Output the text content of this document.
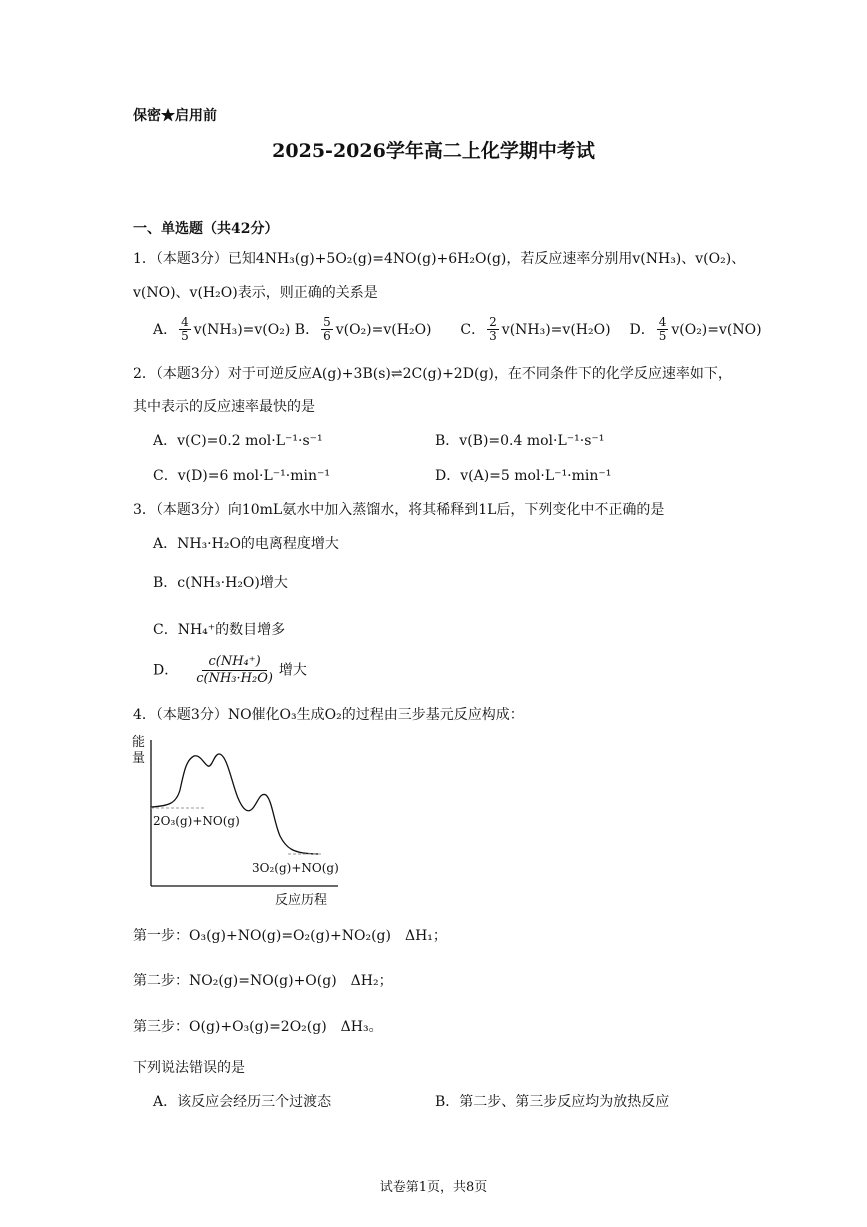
保密★启用前
2025-2026学年高二上化学期中考试
一、单选题（共42分）
1．（本题3分）已知4NH₃(g)+5O₂(g)=4NO(g)+6H₂O(g)，若反应速率分别用v(NH₃)、v(O₂)、
v(NO)、v(H₂O)表示，则正确的关系是
A． $\frac{4}{5} v(NH_3)=v(O_2)$ B． $\frac{5}{6} v(O_2)=v(H_2O)$ C． $\frac{2}{3} v(NH_3)=v(H_2O)$ D． $\frac{4}{5} v(O_2)=v(NO)$
2．（本题3分）对于可逆反应A(g)+3B(s)⇌2C(g)+2D(g)，在不同条件下的化学反应速率如下，
其中表示的反应速率最快的是
A．v(C)=0.2 mol·L⁻¹·s⁻¹	B．v(B)=0.4 mol·L⁻¹·s⁻¹
C．v(D)=6 mol·L⁻¹·min⁻¹	D．v(A)=5 mol·L⁻¹·min⁻¹
3．（本题3分）向10mL氨水中加入蒸馏水，将其稀释到1L后，下列变化中不正确的是
A．NH₃·H₂O的电离程度增大
B．c(NH₃·H₂O)增大
C．NH₄⁺的数目增多
D． $\frac{\text{c(NH₄⁺)}}{\text{c(NH₃·H₂O)}}$ 增大
4．（本题3分）NO催化O₃生成O₂的过程由三步基元反应构成：
能
量
2O₃(g)+NO(g)
3O₂(g)+NO(g)
反应历程
第一步：O₃(g)+NO(g)=O₂(g)+NO₂(g)　ΔH₁；
第二步：NO₂(g)=NO(g)+O(g)　ΔH₂；
第三步：O(g)+O₃(g)=2O₂(g)　ΔH₃。
下列说法错误的是
A．该反应会经历三个过渡态	B．第二步、第三步反应均为放热反应
试卷第1页，共8页
